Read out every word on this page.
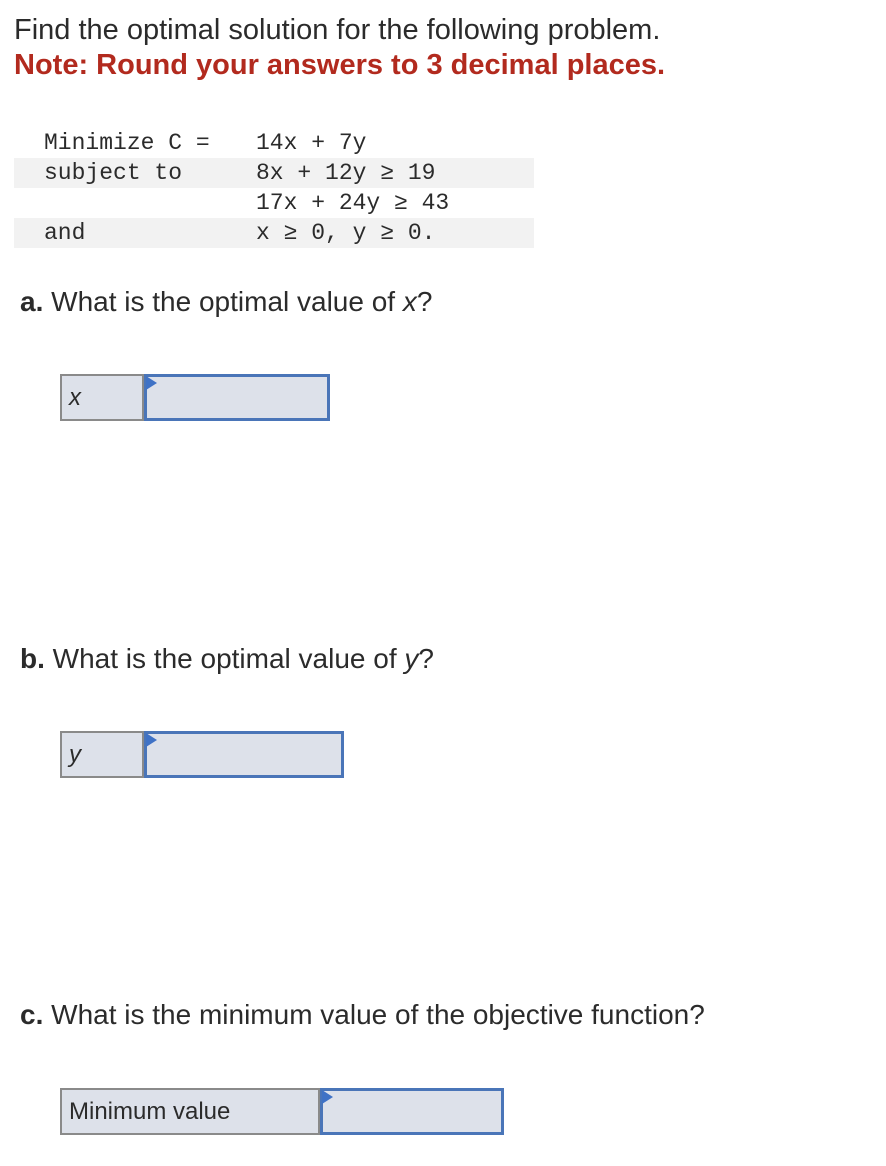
Find the optimal solution for the following problem.
Note: Round your answers to 3 decimal places.
Minimize C = 14x + 7y
subject to	8x + 12y ≥ 19
17x + 24y ≥ 43
and	x ≥ 0, y ≥ 0.
a. What is the optimal value of x?
x
b. What is the optimal value of y?
y
c. What is the minimum value of the objective function?
Minimum value
